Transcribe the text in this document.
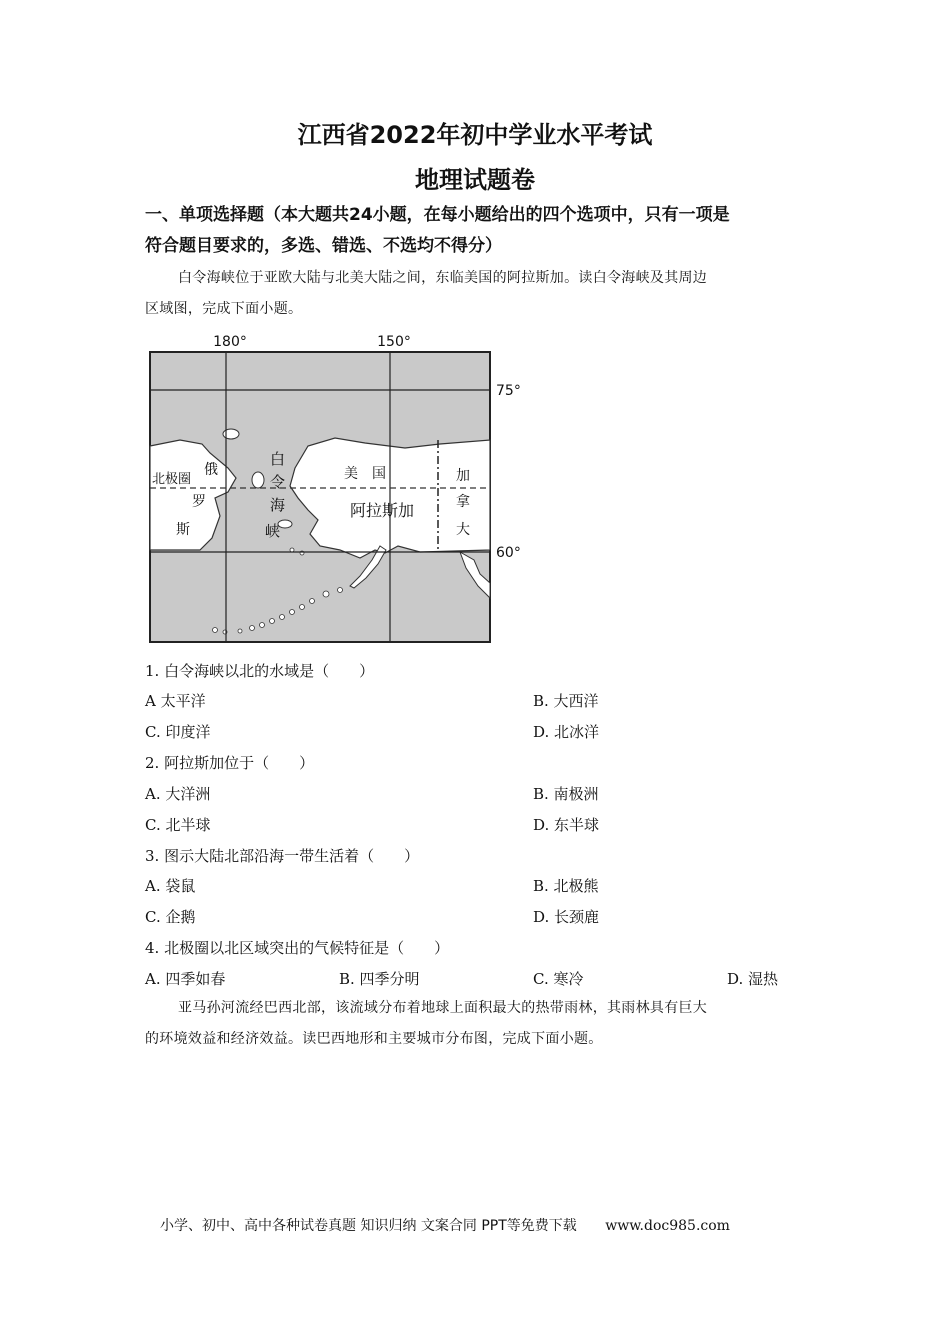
江西省2022年初中学业水平考试
地理试题卷
一、单项选择题（本大题共24小题，在每小题给出的四个选项中，只有一项是
符合题目要求的，多选、错选、不选均不得分）
白令海峡位于亚欧大陆与北美大陆之间，东临美国的阿拉斯加。读白令海峡及其周边
区域图，完成下面小题。
180°	150°
75°
60°
北极圈
俄
罗
斯
白
令
海
峡
美　国
阿拉斯加
加
拿
大
1. 白令海峡以北的水域是（　　）
A 太平洋	B. 大西洋
C. 印度洋	D. 北冰洋
2. 阿拉斯加位于（　　）
A. 大洋洲	B. 南极洲
C. 北半球	D. 东半球
3. 图示大陆北部沿海一带生活着（　　）
A. 袋鼠	B. 北极熊
C. 企鹅	D. 长颈鹿
4. 北极圈以北区域突出的气候特征是（　　）
A. 四季如春	B. 四季分明	C. 寒冷	D. 湿热
亚马孙河流经巴西北部，该流域分布着地球上面积最大的热带雨林，其雨林具有巨大
的环境效益和经济效益。读巴西地形和主要城市分布图，完成下面小题。
小学、初中、高中各种试卷真题 知识归纳 文案合同 PPT等免费下载 www.doc985.com
